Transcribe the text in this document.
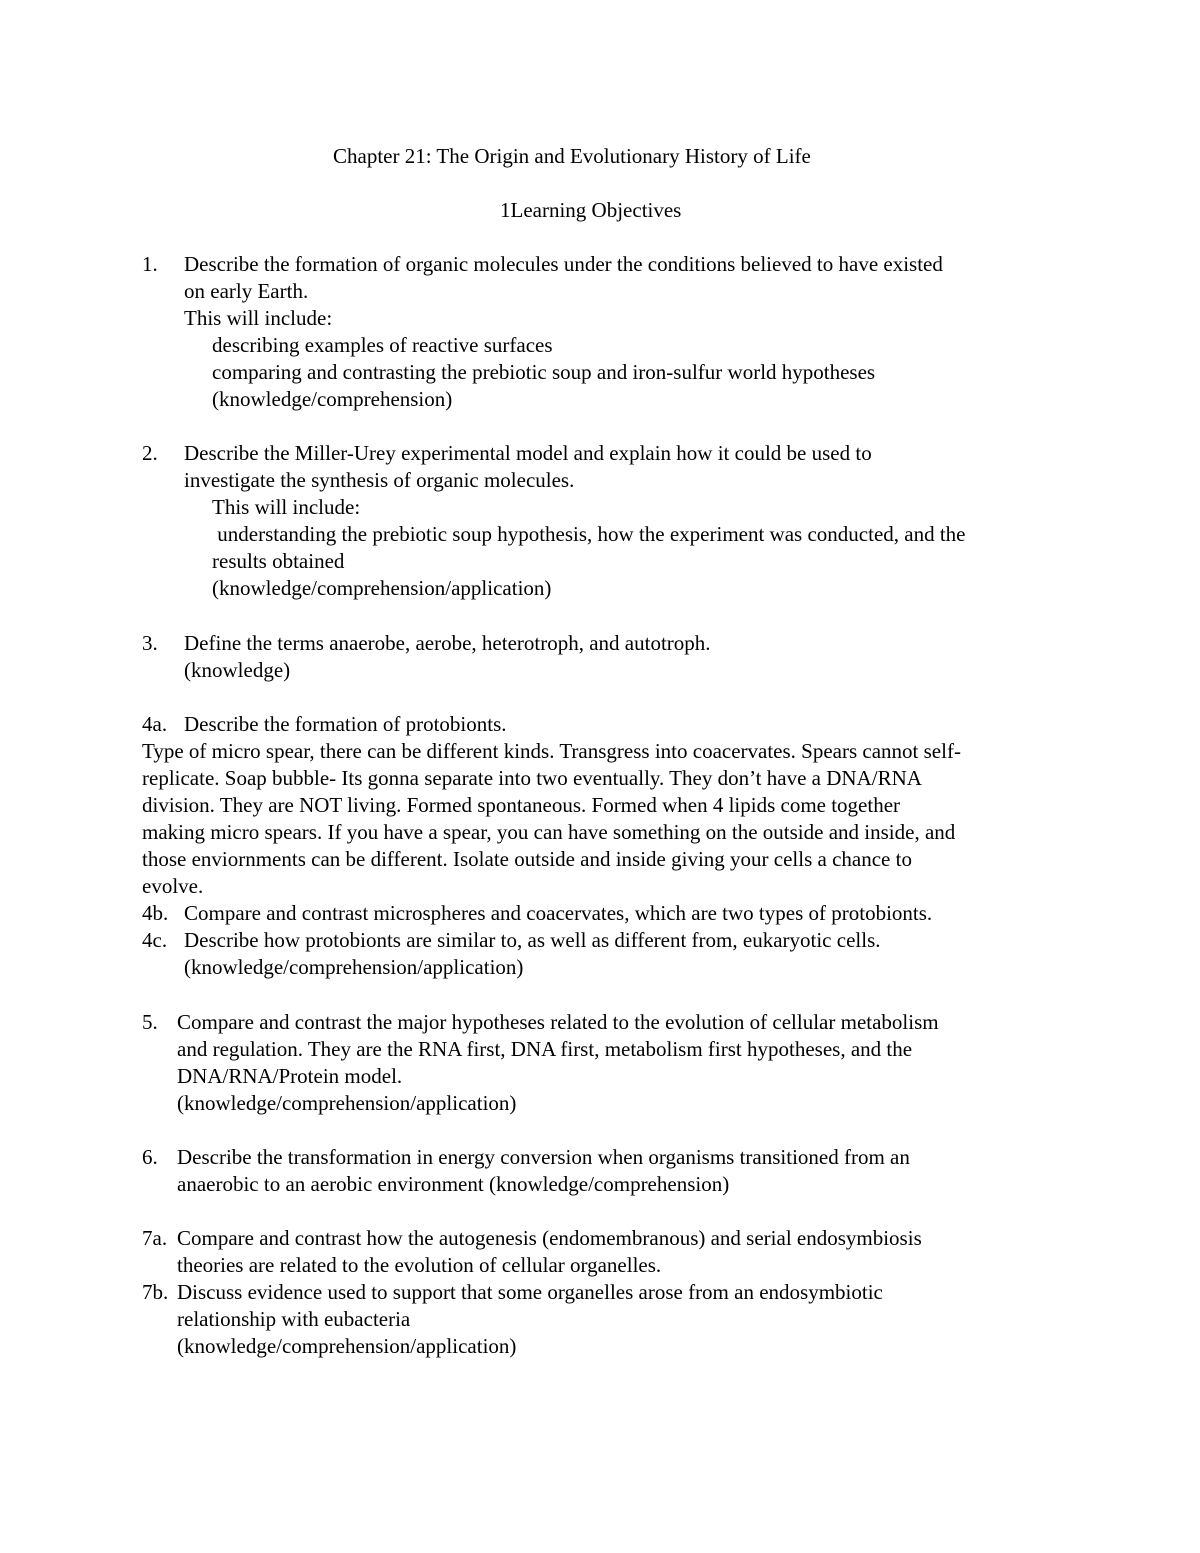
Chapter 21: The Origin and Evolutionary History of Life
1Learning Objectives
1. Describe the formation of organic molecules under the conditions believed to have existed
on early Earth.
This will include:
describing examples of reactive surfaces
comparing and contrasting the prebiotic soup and iron-sulfur world hypotheses
(knowledge/comprehension)
2. Describe the Miller-Urey experimental model and explain how it could be used to
investigate the synthesis of organic molecules.
This will include:
understanding the prebiotic soup hypothesis, how the experiment was conducted, and the
results obtained
(knowledge/comprehension/application)
3. Define the terms anaerobe, aerobe, heterotroph, and autotroph.
(knowledge)
4a. Describe the formation of protobionts.
Type of micro spear, there can be different kinds. Transgress into coacervates. Spears cannot self-
replicate. Soap bubble- Its gonna separate into two eventually. They don’t have a DNA/RNA
division. They are NOT living. Formed spontaneous. Formed when 4 lipids come together
making micro spears. If you have a spear, you can have something on the outside and inside, and
those enviornments can be different. Isolate outside and inside giving your cells a chance to
evolve.
4b. Compare and contrast microspheres and coacervates, which are two types of protobionts.
4c. Describe how protobionts are similar to, as well as different from, eukaryotic cells.
(knowledge/comprehension/application)
5. Compare and contrast the major hypotheses related to the evolution of cellular metabolism
and regulation. They are the RNA first, DNA first, metabolism first hypotheses, and the
DNA/RNA/Protein model.
(knowledge/comprehension/application)
6. Describe the transformation in energy conversion when organisms transitioned from an
anaerobic to an aerobic environment (knowledge/comprehension)
7a. Compare and contrast how the autogenesis (endomembranous) and serial endosymbiosis
theories are related to the evolution of cellular organelles.
7b. Discuss evidence used to support that some organelles arose from an endosymbiotic
relationship with eubacteria
(knowledge/comprehension/application)
